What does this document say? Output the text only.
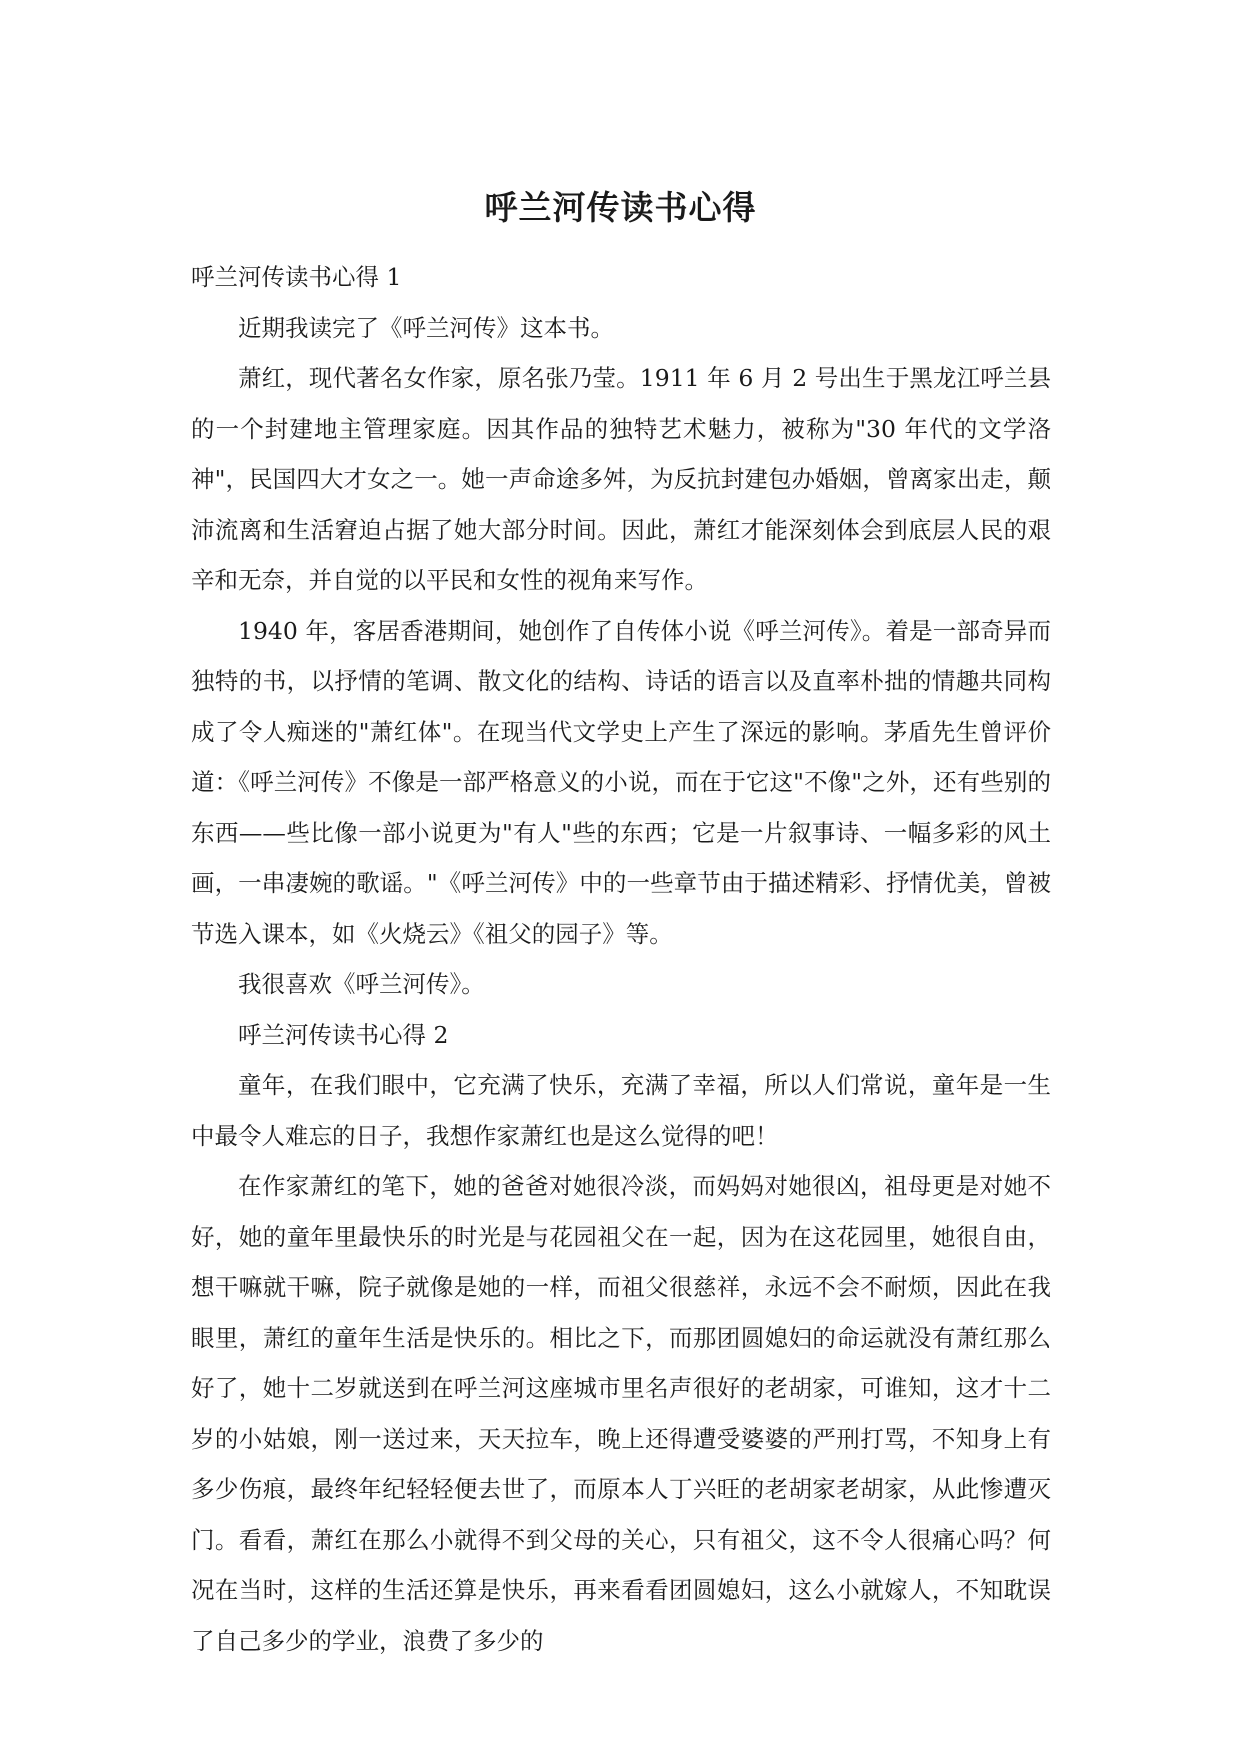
呼兰河传读书心得

呼兰河传读书心得 1

近期我读完了《呼兰河传》这本书。

萧红，现代著名女作家，原名张乃莹。1911 年 6 月 2 号出生于黑龙江呼兰县的一个封建地主管理家庭。因其作品的独特艺术魅力，被称为"30 年代的文学洛神"，民国四大才女之一。她一声命途多舛，为反抗封建包办婚姻，曾离家出走，颠沛流离和生活窘迫占据了她大部分时间。因此，萧红才能深刻体会到底层人民的艰辛和无奈，并自觉的以平民和女性的视角来写作。

1940 年，客居香港期间，她创作了自传体小说《呼兰河传》。着是一部奇异而独特的书，以抒情的笔调、散文化的结构、诗话的语言以及直率朴拙的情趣共同构成了令人痴迷的"萧红体"。在现当代文学史上产生了深远的影响。茅盾先生曾评价道：《呼兰河传》不像是一部严格意义的小说，而在于它这"不像"之外，还有些别的东西——些比像一部小说更为"有人"些的东西；它是一片叙事诗、一幅多彩的风土画，一串凄婉的歌谣。"《呼兰河传》中的一些章节由于描述精彩、抒情优美，曾被节选入课本，如《火烧云》《祖父的园子》等。

我很喜欢《呼兰河传》。

呼兰河传读书心得 2

童年，在我们眼中，它充满了快乐，充满了幸福，所以人们常说，童年是一生中最令人难忘的日子，我想作家萧红也是这么觉得的吧！

在作家萧红的笔下，她的爸爸对她很冷淡，而妈妈对她很凶，祖母更是对她不好，她的童年里最快乐的时光是与花园祖父在一起，因为在这花园里，她很自由，想干嘛就干嘛，院子就像是她的一样，而祖父很慈祥，永远不会不耐烦，因此在我眼里，萧红的童年生活是快乐的。相比之下，而那团圆媳妇的命运就没有萧红那么好了，她十二岁就送到在呼兰河这座城市里名声很好的老胡家，可谁知，这才十二岁的小姑娘，刚一送过来，天天拉车，晚上还得遭受婆婆的严刑打骂，不知身上有多少伤痕，最终年纪轻轻便去世了，而原本人丁兴旺的老胡家老胡家，从此惨遭灭门。看看，萧红在那么小就得不到父母的关心，只有祖父，这不令人很痛心吗？何况在当时，这样的生活还算是快乐，再来看看团圆媳妇，这么小就嫁人，不知耽误了自己多少的学业，浪费了多少的
